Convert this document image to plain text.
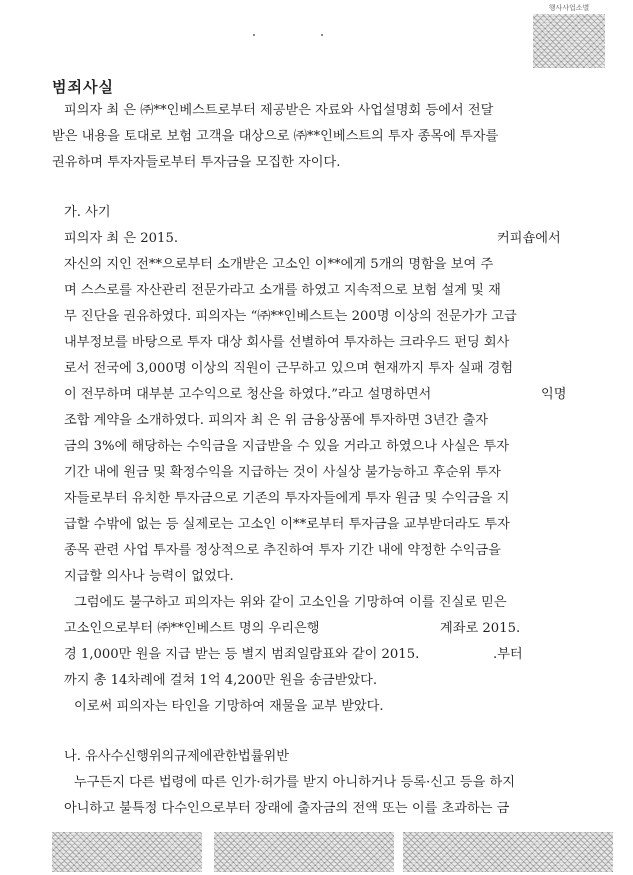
행사사업소별
범죄사실
피의자 최 은 ㈜**인베스트로부터 제공받은 자료와 사업설명회 등에서 전달
받은 내용을 토대로 보험 고객을 대상으로 ㈜**인베스트의 투자 종목에 투자를
권유하며 투자자들로부터 투자금을 모집한 자이다.
가. 사기
피의자 최 은 2015.	커피숍에서
자신의 지인 전**으로부터 소개받은 고소인 이**에게 5개의 명함을 보여 주
며 스스로를 자산관리 전문가라고 소개를 하였고 지속적으로 보험 설계 및 재
무 진단을 권유하였다. 피의자는 “㈜**인베스트는 200명 이상의 전문가가 고급
내부정보를 바탕으로 투자 대상 회사를 선별하여 투자하는 크라우드 펀딩 회사
로서 전국에 3,000명 이상의 직원이 근무하고 있으며 현재까지 투자 실패 경험
이 전무하며 대부분 고수익으로 청산을 하였다.”라고 설명하면서	익명
조합 계약을 소개하였다. 피의자 최 은 위 금융상품에 투자하면 3년간 출자
금의 3%에 해당하는 수익금을 지급받을 수 있을 거라고 하였으나 사실은 투자
기간 내에 원금 및 확정수익을 지급하는 것이 사실상 불가능하고 후순위 투자
자들로부터 유치한 투자금으로 기존의 투자자들에게 투자 원금 및 수익금을 지
급할 수밖에 없는 등 실제로는 고소인 이**로부터 투자금을 교부받더라도 투자
종목 관련 사업 투자를 정상적으로 추진하여 투자 기간 내에 약정한 수익금을
지급할 의사나 능력이 없었다.
그럼에도 불구하고 피의자는 위와 같이 고소인을 기망하여 이를 진실로 믿은
고소인으로부터 ㈜**인베스트 명의 우리은행	계좌로 2015.
경 1,000만 원을 지급 받는 등 별지 범죄일람표와 같이 2015.	.부터
까지 총 14차례에 걸쳐 1억 4,200만 원을 송금받았다.
이로써 피의자는 타인을 기망하여 재물을 교부 받았다.
나. 유사수신행위의규제에관한법률위반
누구든지 다른 법령에 따른 인가·허가를 받지 아니하거나 등록·신고 등을 하지
아니하고 불특정 다수인으로부터 장래에 출자금의 전액 또는 이를 초과하는 금
